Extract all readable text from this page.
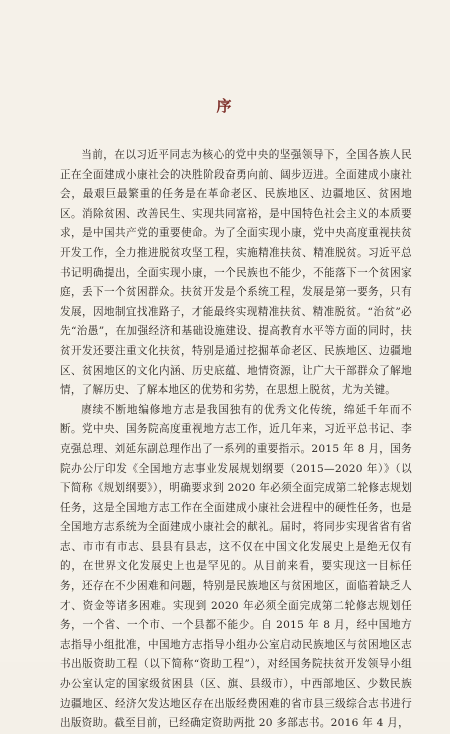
序

当前，在以习近平同志为核心的党中央的坚强领导下，全国各族人民正在全面建成小康社会的决胜阶段奋勇向前、阔步迈进。全面建成小康社会，最艰巨最繁重的任务是在革命老区、民族地区、边疆地区、贫困地区。消除贫困、改善民生、实现共同富裕，是中国特色社会主义的本质要求，是中国共产党的重要使命。为了全面实现小康，党中央高度重视扶贫开发工作，全力推进脱贫攻坚工程，实施精准扶贫、精准脱贫。习近平总书记明确提出，全面实现小康，一个民族也不能少，不能落下一个贫困家庭，丢下一个贫困群众。扶贫开发是个系统工程，发展是第一要务，只有发展，因地制宜找准路子，才能最终实现精准扶贫、精准脱贫。“治贫”必先“治愚”，在加强经济和基础设施建设、提高教育水平等方面的同时，扶贫开发还要注重文化扶贫，特别是通过挖掘革命老区、民族地区、边疆地区、贫困地区的文化内涵、历史底蕴、地情资源，让广大干部群众了解地情，了解历史、了解本地区的优势和劣势，在思想上脱贫，尤为关键。

赓续不断地编修地方志是我国独有的优秀文化传统，绵延千年而不断。党中央、国务院高度重视地方志工作，近几年来，习近平总书记、李克强总理、刘延东副总理作出了一系列的重要指示。2015 年 8 月，国务院办公厅印发《全国地方志事业发展规划纲要（2015—2020 年）》（以下简称《规划纲要》），明确要求到 2020 年必须全面完成第二轮修志规划任务，这是全国地方志工作在全面建成小康社会进程中的硬性任务，也是全国地方志系统为全面建成小康社会的献礼。届时，将同步实现省省有省志、市市有市志、县县有县志，这不仅在中国文化发展史上是绝无仅有的，在世界文化发展史上也是罕见的。从目前来看，要实现这一目标任务，还存在不少困难和问题，特别是民族地区与贫困地区，面临着缺乏人才、资金等诸多困难。实现到 2020 年必须全面完成第二轮修志规划任务，一个省、一个市、一个县都不能少。自 2015 年 8 月，经中国地方志指导小组批准，中国地方志指导小组办公室启动民族地区与贫困地区志书出版资助工程（以下简称“资助工程”），对经国务院扶贫开发领导小组办公室认定的国家级贫困县（区、旗、县级市），中西部地区、少数民族边疆地区、经济欠发达地区存在出版经费困难的省市县三级综合志书进行出版资助。截至目前，已经确定资助两批 20 多部志书。2016 年 4 月，
